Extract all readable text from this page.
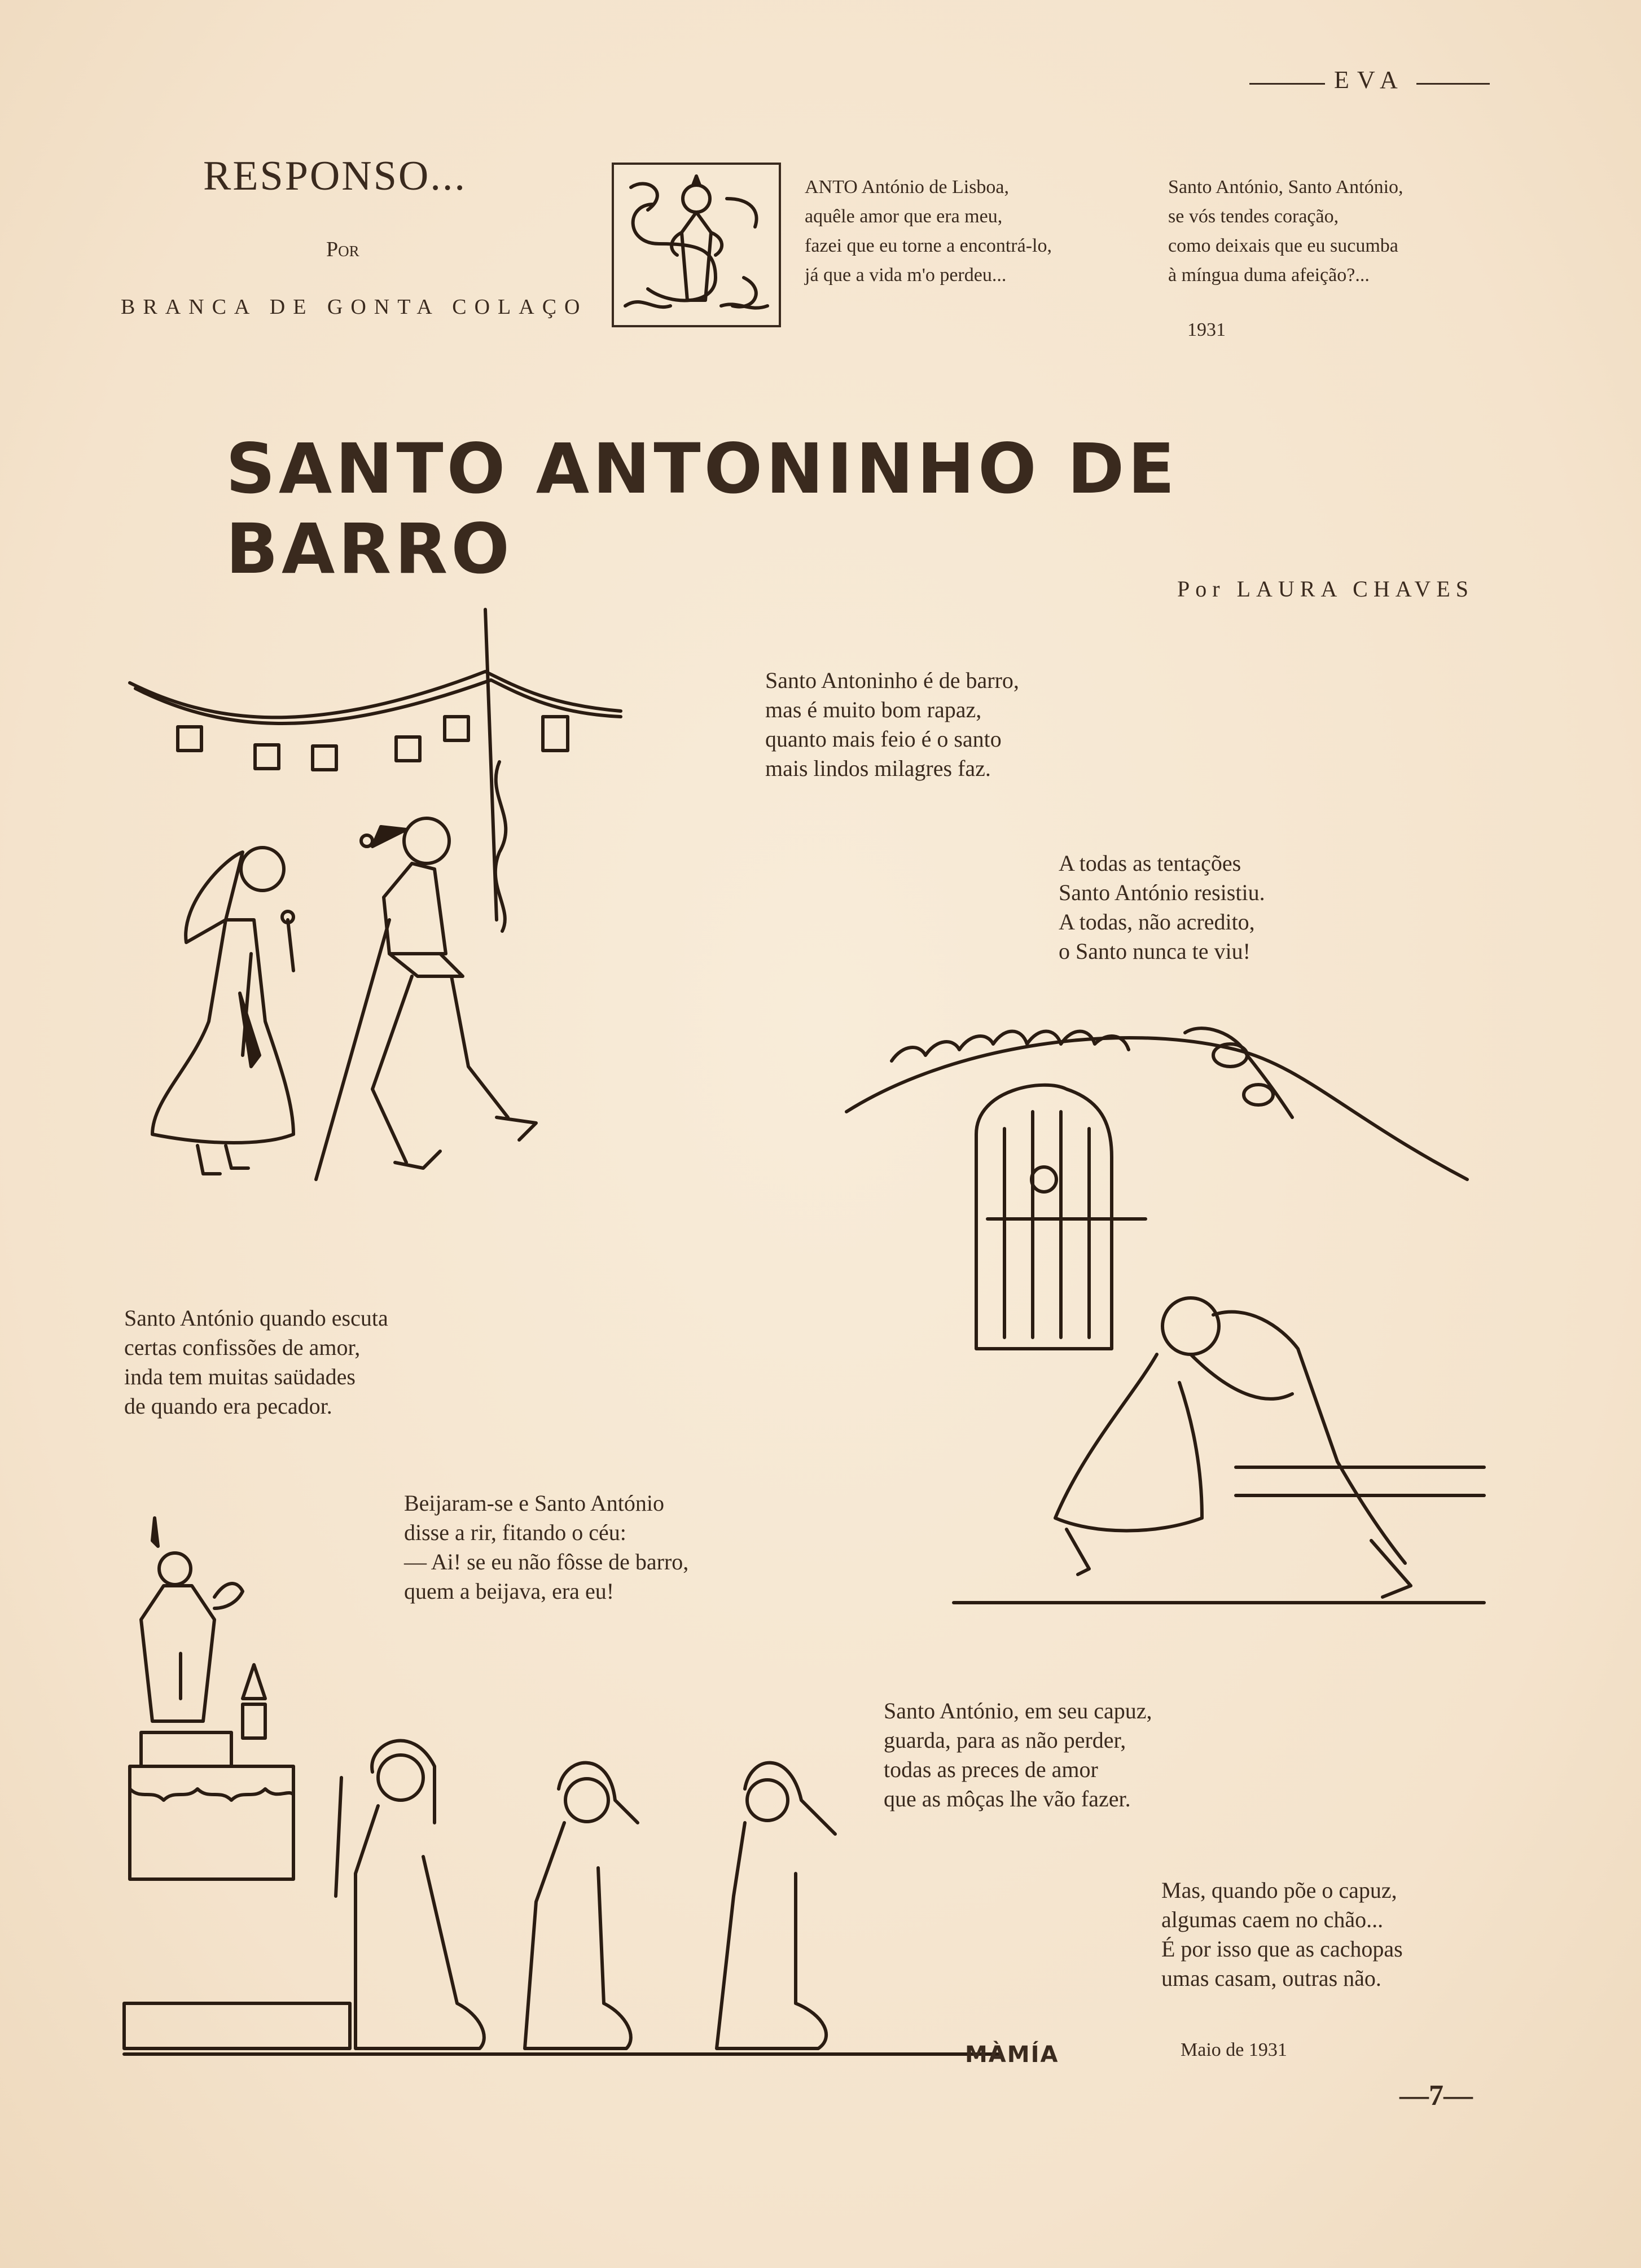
EVA
RESPONSO...
Por
BRANCA DE GONTA COLAÇO
ANTO António de Lisboa,
aquêle amor que era meu,
fazei que eu torne a encontrá-lo,
já que a vida m'o perdeu...
Santo António, Santo António,
se vós tendes coração,
como deixais que eu sucumba
à míngua duma afeição?...
1931
SANTO ANTONINHO DE BARRO	Por LAURA CHAVES
Santo Antoninho é de barro,
mas é muito bom rapaz,
quanto mais feio é o santo
mais lindos milagres faz.
A todas as tentações
Santo António resistiu.
A todas, não acredito,
o Santo nunca te viu!
Santo António quando escuta
certas confissões de amor,
inda tem muitas saüdades
de quando era pecador.
Beijaram-se e Santo António
disse a rir, fitando o céu:
— Ai! se eu não fôsse de barro,
quem a beijava, era eu!
MÀMÍA
Santo António, em seu capuz,
guarda, para as não perder,
todas as preces de amor
que as môças lhe vão fazer.
Mas, quando põe o capuz,
algumas caem no chão...
É por isso que as cachopas
umas casam, outras não.
Maio de 1931
—7—
